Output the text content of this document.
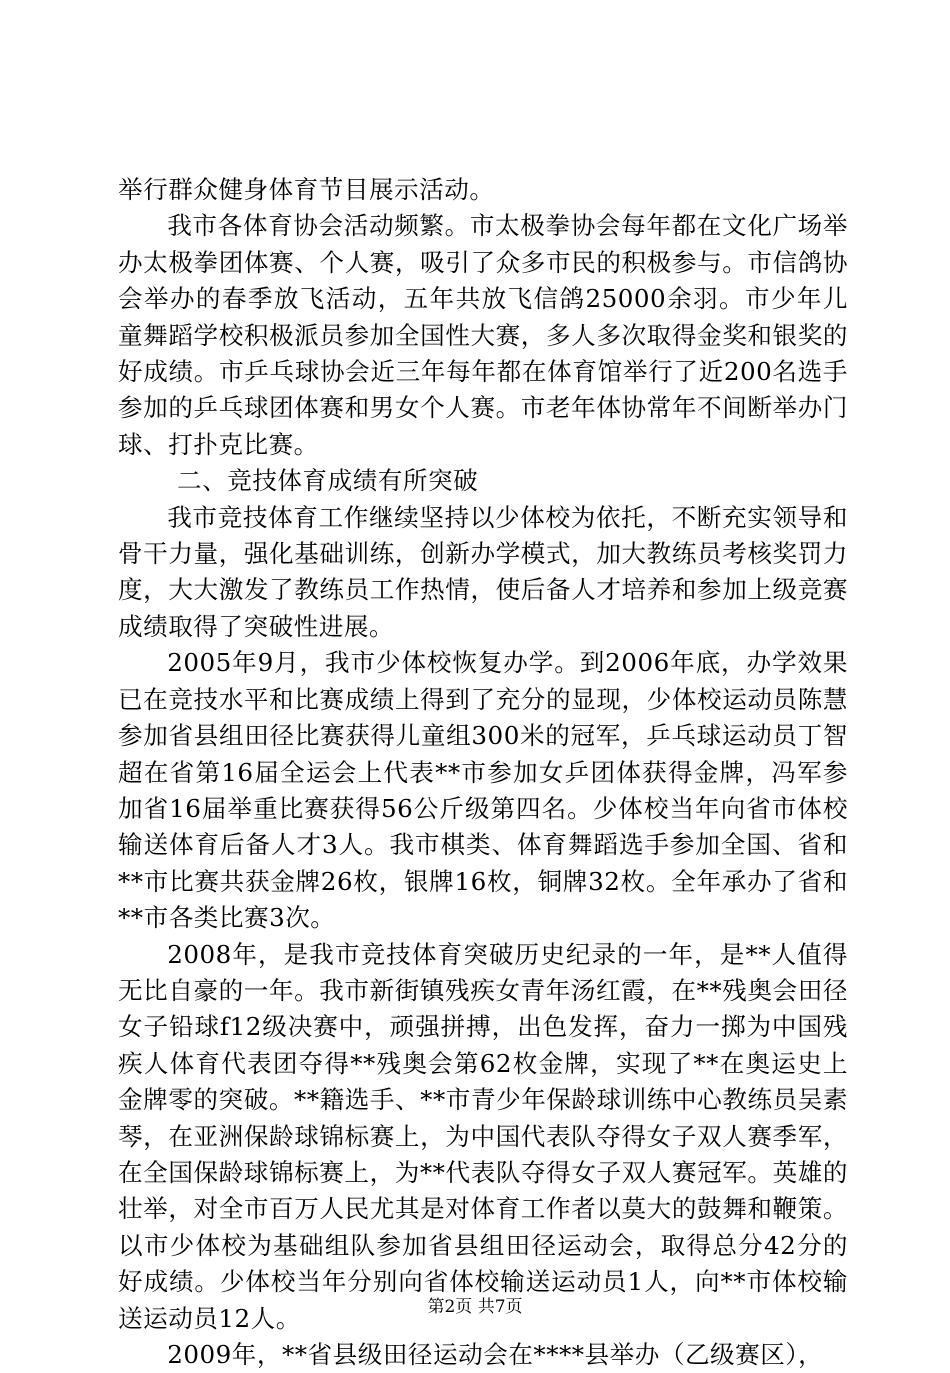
举行群众健身体育节目展示活动。

我市各体育协会活动频繁。市太极拳协会每年都在文化广场举办太极拳团体赛、个人赛，吸引了众多市民的积极参与。市信鸽协会举办的春季放飞活动，五年共放飞信鸽25000余羽。市少年儿童舞蹈学校积极派员参加全国性大赛，多人多次取得金奖和银奖的好成绩。市乒乓球协会近三年每年都在体育馆举行了近200名选手参加的乒乓球团体赛和男女个人赛。市老年体协常年不间断举办门球、打扑克比赛。

二、竞技体育成绩有所突破

我市竞技体育工作继续坚持以少体校为依托，不断充实领导和骨干力量，强化基础训练，创新办学模式，加大教练员考核奖罚力度，大大激发了教练员工作热情，使后备人才培养和参加上级竞赛成绩取得了突破性进展。

2005年9月，我市少体校恢复办学。到2006年底，办学效果已在竞技水平和比赛成绩上得到了充分的显现，少体校运动员陈慧参加省县组田径比赛获得儿童组300米的冠军，乒乓球运动员丁智超在省第16届全运会上代表**市参加女乒团体获得金牌，冯军参加省16届举重比赛获得56公斤级第四名。少体校当年向省市体校输送体育后备人才3人。我市棋类、体育舞蹈选手参加全国、省和**市比赛共获金牌26枚，银牌16枚，铜牌32枚。全年承办了省和**市各类比赛3次。

2008年，是我市竞技体育突破历史纪录的一年，是**人值得无比自豪的一年。我市新街镇残疾女青年汤红霞，在**残奥会田径女子铅球f12级决赛中，顽强拼搏，出色发挥，奋力一掷为中国残疾人体育代表团夺得**残奥会第62枚金牌，实现了**在奥运史上金牌零的突破。**籍选手、**市青少年保龄球训练中心教练员吴素琴，在亚洲保龄球锦标赛上，为中国代表队夺得女子双人赛季军，在全国保龄球锦标赛上，为**代表队夺得女子双人赛冠军。英雄的壮举，对全市百万人民尤其是对体育工作者以莫大的鼓舞和鞭策。以市少体校为基础组队参加省县组田径运动会，取得总分42分的好成绩。少体校当年分别向省体校输送运动员1人，向**市体校输送运动员12人。

2009年，**省县级田径运动会在****县举办（乙级赛区），

第2页 共7页
